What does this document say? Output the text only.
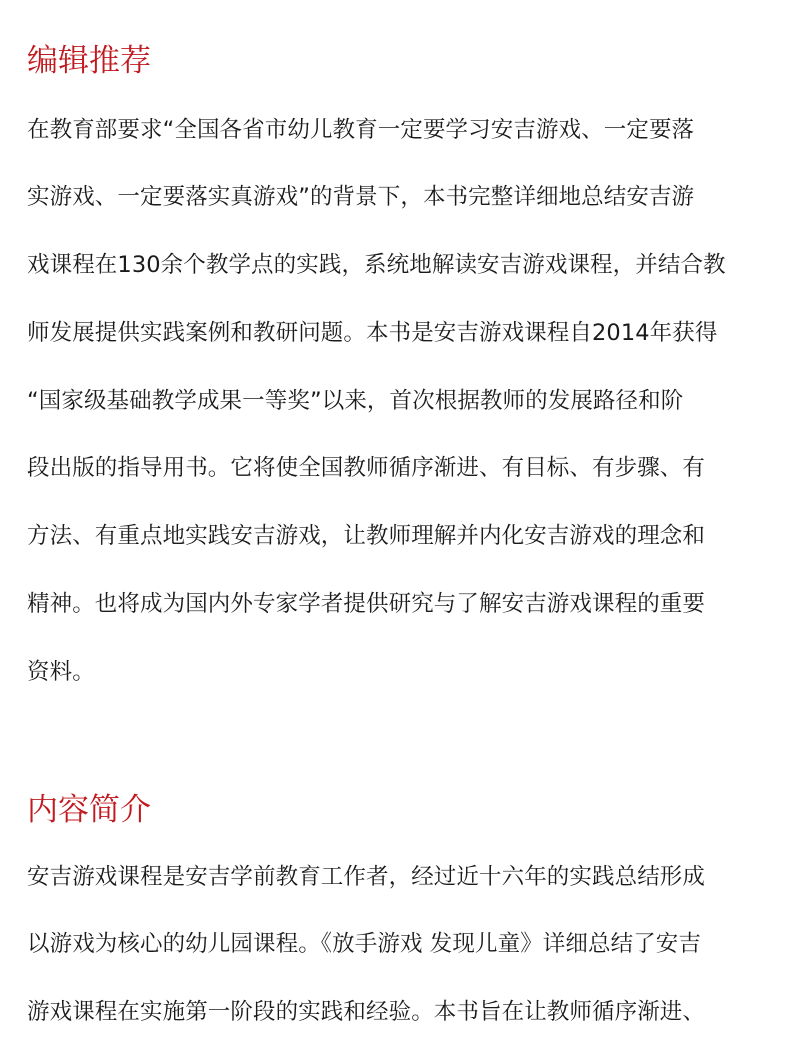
编辑推荐
在教育部要求“全国各省市幼儿教育一定要学习安吉游戏、一定要落
实游戏、一定要落实真游戏”的背景下，本书完整详细地总结安吉游
戏课程在130余个教学点的实践，系统地解读安吉游戏课程，并结合教
师发展提供实践案例和教研问题。本书是安吉游戏课程自2014年获得
“国家级基础教学成果一等奖”以来，首次根据教师的发展路径和阶
段出版的指导用书。它将使全国教师循序渐进、有目标、有步骤、有
方法、有重点地实践安吉游戏，让教师理解并内化安吉游戏的理念和
精神。也将成为国内外专家学者提供研究与了解安吉游戏课程的重要
资料。
内容简介
安吉游戏课程是安吉学前教育工作者，经过近十六年的实践总结形成
以游戏为核心的幼儿园课程。《放手游戏 发现儿童》详细总结了安吉
游戏课程在实施第一阶段的实践和经验。本书旨在让教师循序渐进、
